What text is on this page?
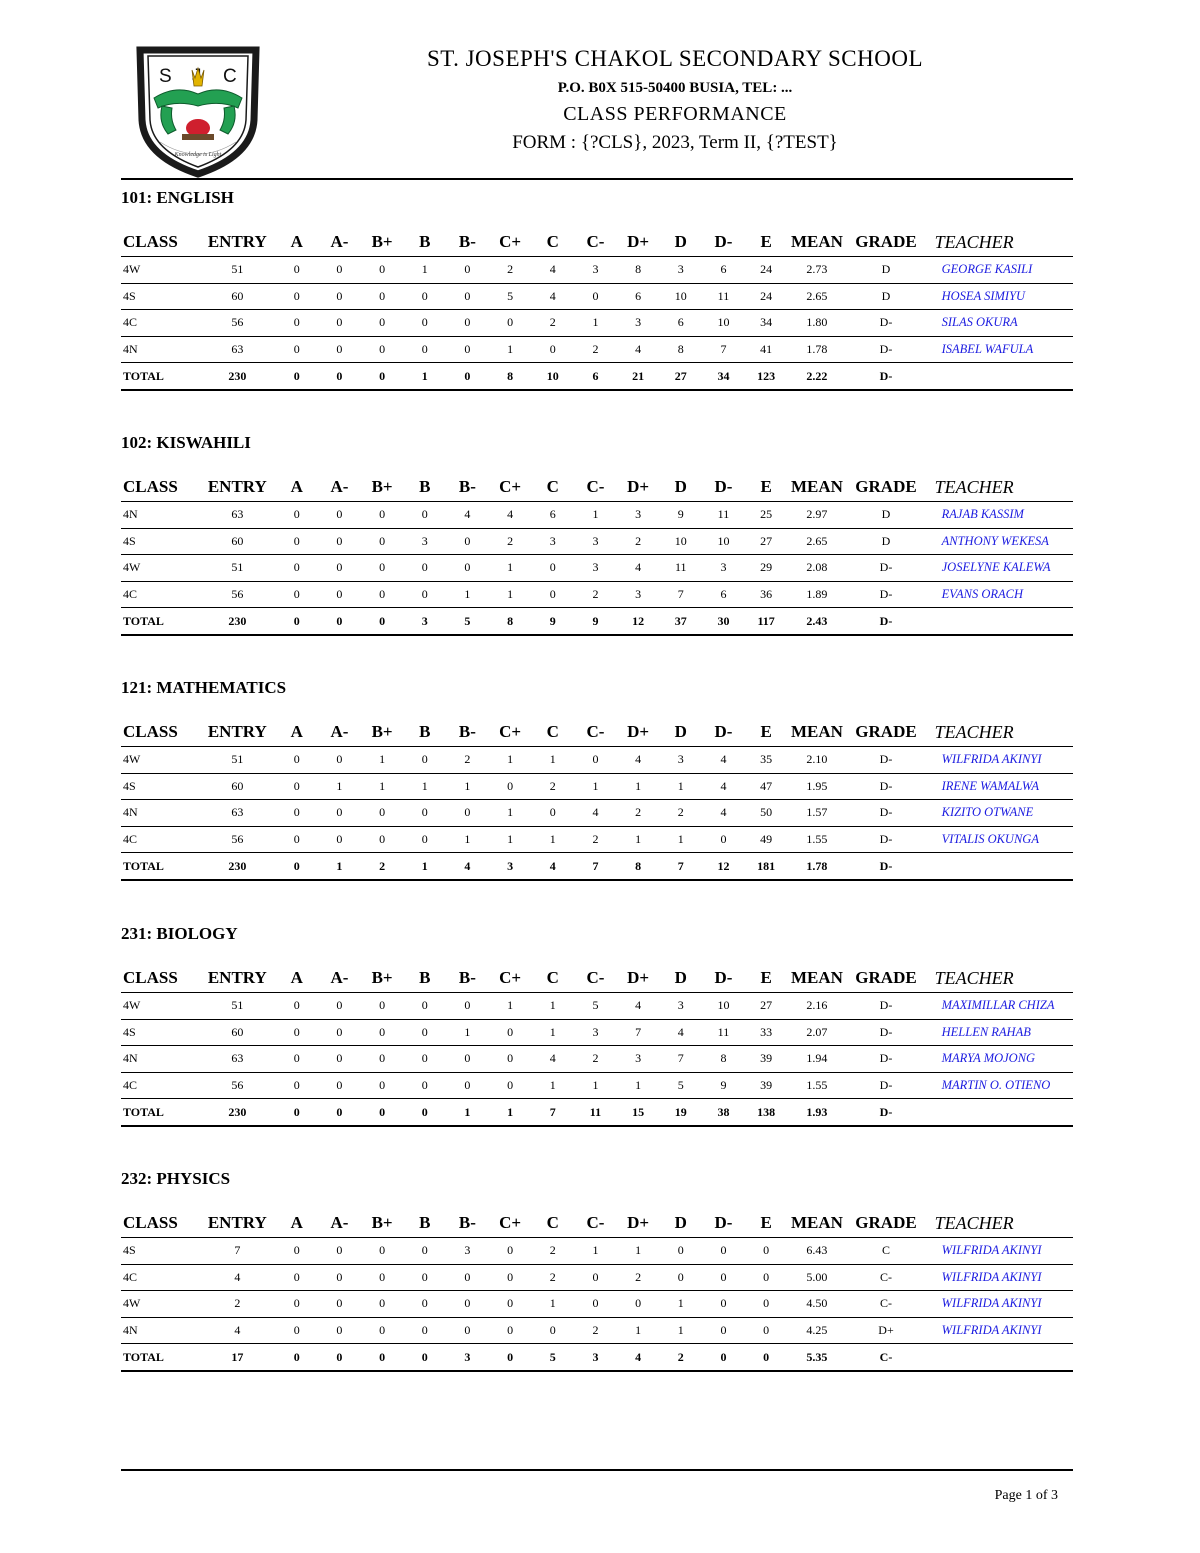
S	C
Knowledge is Light
ST. JOSEPH'S CHAKOL SECONDARY SCHOOL
P.O. B0X 515-50400 BUSIA, TEL: ...
CLASS PERFORMANCE
FORM : {?CLS}, 2023, Term II, {?TEST}
101: ENGLISH
CLASS	ENTRY	A	A-	B+	B	B-	C+	C	C-	D+	D	D-	E	MEAN	GRADE	TEACHER
4W	51	0	0	0	1	0	2	4	3	8	3	6	24	2.73	D	GEORGE KASILI
4S	60	0	0	0	0	0	5	4	0	6	10	11	24	2.65	D	HOSEA SIMIYU
4C	56	0	0	0	0	0	0	2	1	3	6	10	34	1.80	D-	SILAS OKURA
4N	63	0	0	0	0	0	1	0	2	4	8	7	41	1.78	D-	ISABEL WAFULA
TOTAL	230	0	0	0	1	0	8	10	6	21	27	34	123	2.22	D-	
102: KISWAHILI
CLASS	ENTRY	A	A-	B+	B	B-	C+	C	C-	D+	D	D-	E	MEAN	GRADE	TEACHER
4N	63	0	0	0	0	4	4	6	1	3	9	11	25	2.97	D	RAJAB KASSIM
4S	60	0	0	0	3	0	2	3	3	2	10	10	27	2.65	D	ANTHONY WEKESA
4W	51	0	0	0	0	0	1	0	3	4	11	3	29	2.08	D-	JOSELYNE KALEWA
4C	56	0	0	0	0	1	1	0	2	3	7	6	36	1.89	D-	EVANS ORACH
TOTAL	230	0	0	0	3	5	8	9	9	12	37	30	117	2.43	D-	
121: MATHEMATICS
CLASS	ENTRY	A	A-	B+	B	B-	C+	C	C-	D+	D	D-	E	MEAN	GRADE	TEACHER
4W	51	0	0	1	0	2	1	1	0	4	3	4	35	2.10	D-	WILFRIDA AKINYI
4S	60	0	1	1	1	1	0	2	1	1	1	4	47	1.95	D-	IRENE WAMALWA
4N	63	0	0	0	0	0	1	0	4	2	2	4	50	1.57	D-	KIZITO OTWANE
4C	56	0	0	0	0	1	1	1	2	1	1	0	49	1.55	D-	VITALIS OKUNGA
TOTAL	230	0	1	2	1	4	3	4	7	8	7	12	181	1.78	D-	
231: BIOLOGY
CLASS	ENTRY	A	A-	B+	B	B-	C+	C	C-	D+	D	D-	E	MEAN	GRADE	TEACHER
4W	51	0	0	0	0	0	1	1	5	4	3	10	27	2.16	D-	MAXIMILLAR CHIZA
4S	60	0	0	0	0	1	0	1	3	7	4	11	33	2.07	D-	HELLEN RAHAB
4N	63	0	0	0	0	0	0	4	2	3	7	8	39	1.94	D-	MARYA MOJONG
4C	56	0	0	0	0	0	0	1	1	1	5	9	39	1.55	D-	MARTIN O. OTIENO
TOTAL	230	0	0	0	0	1	1	7	11	15	19	38	138	1.93	D-	
232: PHYSICS
CLASS	ENTRY	A	A-	B+	B	B-	C+	C	C-	D+	D	D-	E	MEAN	GRADE	TEACHER
4S	7	0	0	0	0	3	0	2	1	1	0	0	0	6.43	C	WILFRIDA AKINYI
4C	4	0	0	0	0	0	0	2	0	2	0	0	0	5.00	C-	WILFRIDA AKINYI
4W	2	0	0	0	0	0	0	1	0	0	1	0	0	4.50	C-	WILFRIDA AKINYI
4N	4	0	0	0	0	0	0	0	2	1	1	0	0	4.25	D+	WILFRIDA AKINYI
TOTAL	17	0	0	0	0	3	0	5	3	4	2	0	0	5.35	C-	
Page 1 of 3
